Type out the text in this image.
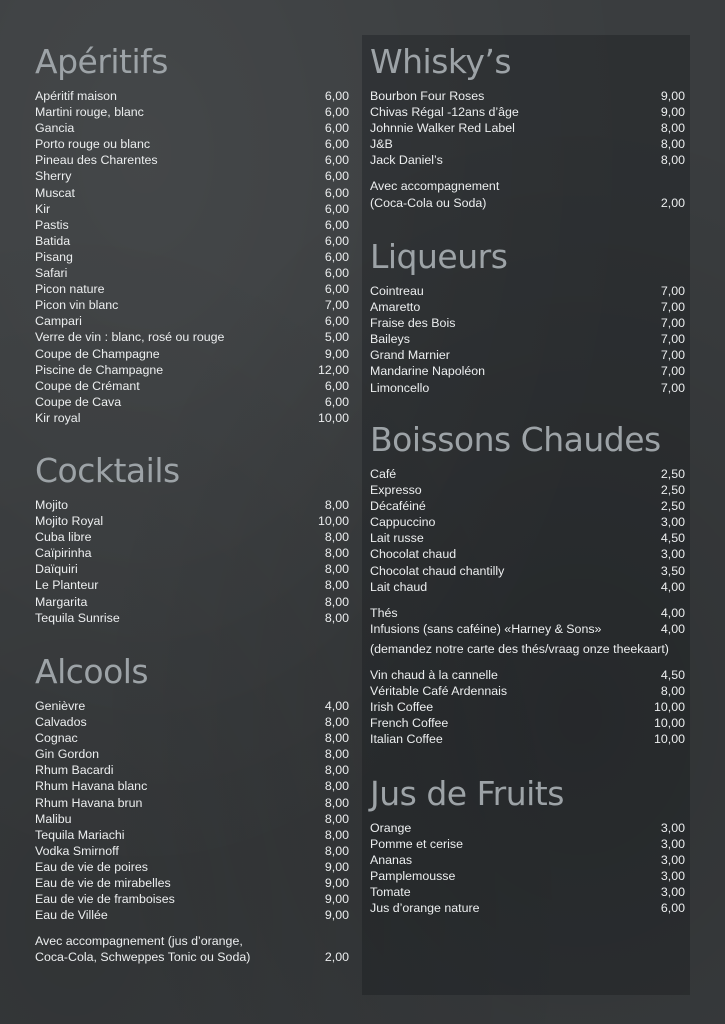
Apéritifs
Apéritif maison	6,00
Martini rouge, blanc	6,00
Gancia	6,00
Porto rouge ou blanc	6,00
Pineau des Charentes	6,00
Sherry	6,00
Muscat	6,00
Kir	6,00
Pastis	6,00
Batida	6,00
Pisang	6,00
Safari	6,00
Picon nature	6,00
Picon vin blanc	7,00
Campari	6,00
Verre de vin : blanc, rosé ou rouge	5,00
Coupe de Champagne	9,00
Piscine de Champagne	12,00
Coupe de Crémant	6,00
Coupe de Cava	6,00
Kir royal	10,00
Cocktails
Mojito	8,00
Mojito Royal	10,00
Cuba libre	8,00
Caïpirinha	8,00
Daïquiri	8,00
Le Planteur	8,00
Margarita	8,00
Tequila Sunrise	8,00
Alcools
Genièvre	4,00
Calvados	8,00
Cognac	8,00
Gin Gordon	8,00
Rhum Bacardi	8,00
Rhum Havana blanc	8,00
Rhum Havana brun	8,00
Malibu	8,00
Tequila Mariachi	8,00
Vodka Smirnoff	8,00
Eau de vie de poires	9,00
Eau de vie de mirabelles	9,00
Eau de vie de framboises	9,00
Eau de Villée	9,00
Avec accompagnement (jus d’orange,
Coca-Cola, Schweppes Tonic ou Soda)	2,00
Whisky’s
Bourbon Four Roses	9,00
Chivas Régal -12ans d’âge	9,00
Johnnie Walker Red Label	8,00
J&B	8,00
Jack Daniel’s	8,00
Avec accompagnement
(Coca-Cola ou Soda)	2,00
Liqueurs
Cointreau	7,00
Amaretto	7,00
Fraise des Bois	7,00
Baileys	7,00
Grand Marnier	7,00
Mandarine Napoléon	7,00
Limoncello	7,00
Boissons Chaudes
Café	2,50
Expresso	2,50
Décaféiné	2,50
Cappuccino	3,00
Lait russe	4,50
Chocolat chaud	3,00
Chocolat chaud chantilly	3,50
Lait chaud	4,00
Thés	4,00
Infusions (sans caféine) «Harney & Sons»	4,00
(demandez notre carte des thés/vraag onze theekaart)
Vin chaud à la cannelle	4,50
Véritable Café Ardennais	8,00
Irish Coffee	10,00
French Coffee	10,00
Italian Coffee	10,00
Jus de Fruits
Orange	3,00
Pomme et cerise	3,00
Ananas	3,00
Pamplemousse	3,00
Tomate	3,00
Jus d’orange nature	6,00
